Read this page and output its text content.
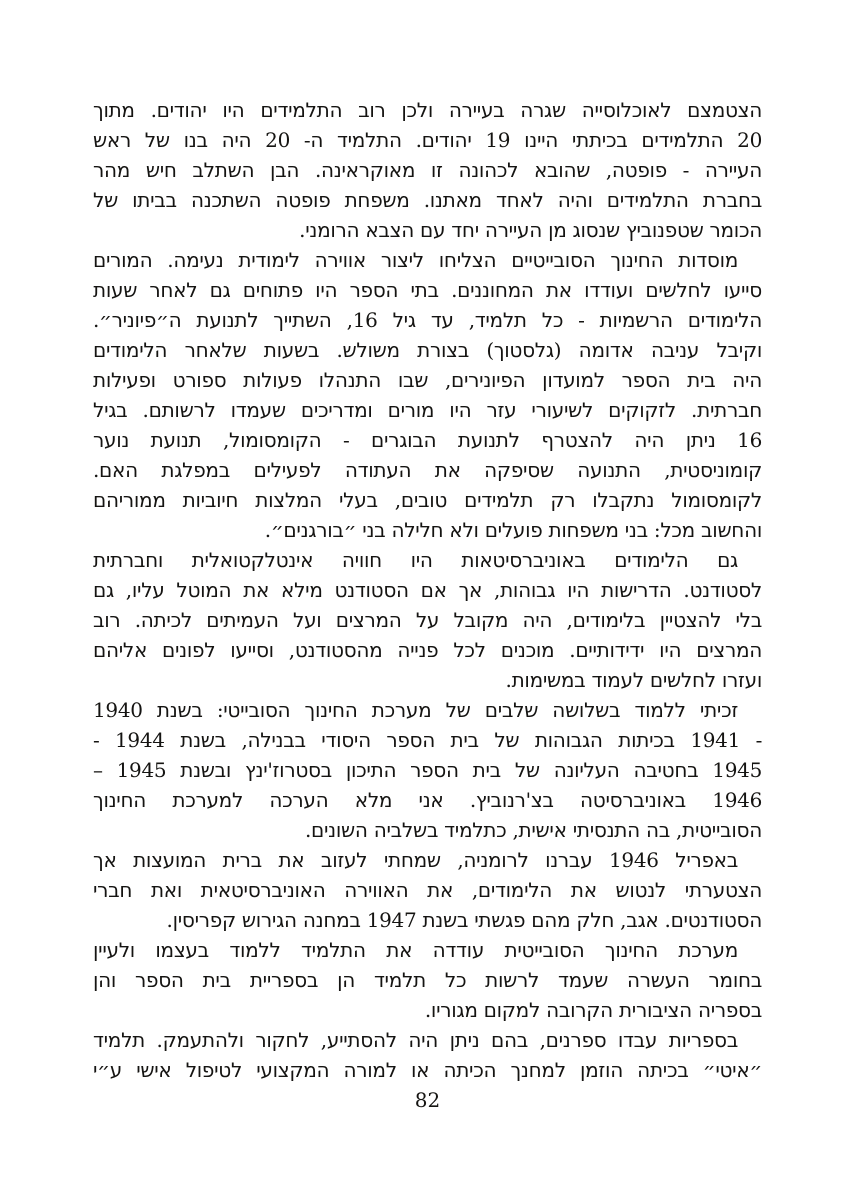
הצטמצם לאוכלוסייה שגרה בעיירה ולכן רוב התלמידים היו יהודים. מתוך
20 התלמידים בכיתתי היינו 19 יהודים. התלמיד ה- 20 היה בנו של ראש
העיירה - פופטה, שהובא לכהונה זו מאוקראינה. הבן השתלב חיש מהר
בחברת התלמידים והיה לאחד מאתנו. משפחת פופטה השתכנה בביתו של
הכומר שטפנוביץ שנסוג מן העיירה יחד עם הצבא הרומני.
מוסדות החינוך הסובייטיים הצליחו ליצור אווירה לימודית נעימה. המורים
סייעו לחלשים ועודדו את המחוננים. בתי הספר היו פתוחים גם לאחר שעות
הלימודים הרשמיות - כל תלמיד, עד גיל 16, השתייך לתנועת ה״פיוניר״.
וקיבל עניבה אדומה (גלסטוך) בצורת משולש. בשעות שלאחר הלימודים
היה בית הספר למועדון הפיונירים, שבו התנהלו פעולות ספורט ופעילות
חברתית. לזקוקים לשיעורי עזר היו מורים ומדריכים שעמדו לרשותם. בגיל
16 ניתן היה להצטרף לתנועת הבוגרים - הקומסומול, תנועת נוער
קומוניסטית, התנועה שסיפקה את העתודה לפעילים במפלגת האם.
לקומסומול נתקבלו רק תלמידים טובים, בעלי המלצות חיוביות ממוריהם
והחשוב מכל: בני משפחות פועלים ולא חלילה בני ״בורגנים״.
גם הלימודים באוניברסיטאות היו חוויה אינטלקטואלית וחברתית
לסטודנט. הדרישות היו גבוהות, אך אם הסטודנט מילא את המוטל עליו, גם
בלי להצטיין בלימודים, היה מקובל על המרצים ועל העמיתים לכיתה. רוב
המרצים היו ידידותיים. מוכנים לכל פנייה מהסטודנט, וסייעו לפונים אליהם
ועזרו לחלשים לעמוד במשימות.
זכיתי ללמוד בשלושה שלבים של מערכת החינוך הסובייטי: בשנת 1940
- 1941 בכיתות הגבוהות של בית הספר היסודי בבנילה, בשנת 1944 -
1945 בחטיבה העליונה של בית הספר התיכון בסטרוז'ינץ ובשנת 1945 –
1946 באוניברסיטה בצ'רנוביץ. אני מלא הערכה למערכת החינוך
הסובייטית, בה התנסיתי אישית, כתלמיד בשלביה השונים.
באפריל 1946 עברנו לרומניה, שמחתי לעזוב את ברית המועצות אך
הצטערתי לנטוש את הלימודים, את האווירה האוניברסיטאית ואת חברי
הסטודנטים. אגב, חלק מהם פגשתי בשנת 1947 במחנה הגירוש קפריסין.
מערכת החינוך הסובייטית עודדה את התלמיד ללמוד בעצמו ולעיין
בחומר העשרה שעמד לרשות כל תלמיד הן בספריית בית הספר והן
בספריה הציבורית הקרובה למקום מגוריו.
בספריות עבדו ספרנים, בהם ניתן היה להסתייע, לחקור ולהתעמק. תלמיד
״איטי״ בכיתה הוזמן למחנך הכיתה או למורה המקצועי לטיפול אישי ע״י
82
